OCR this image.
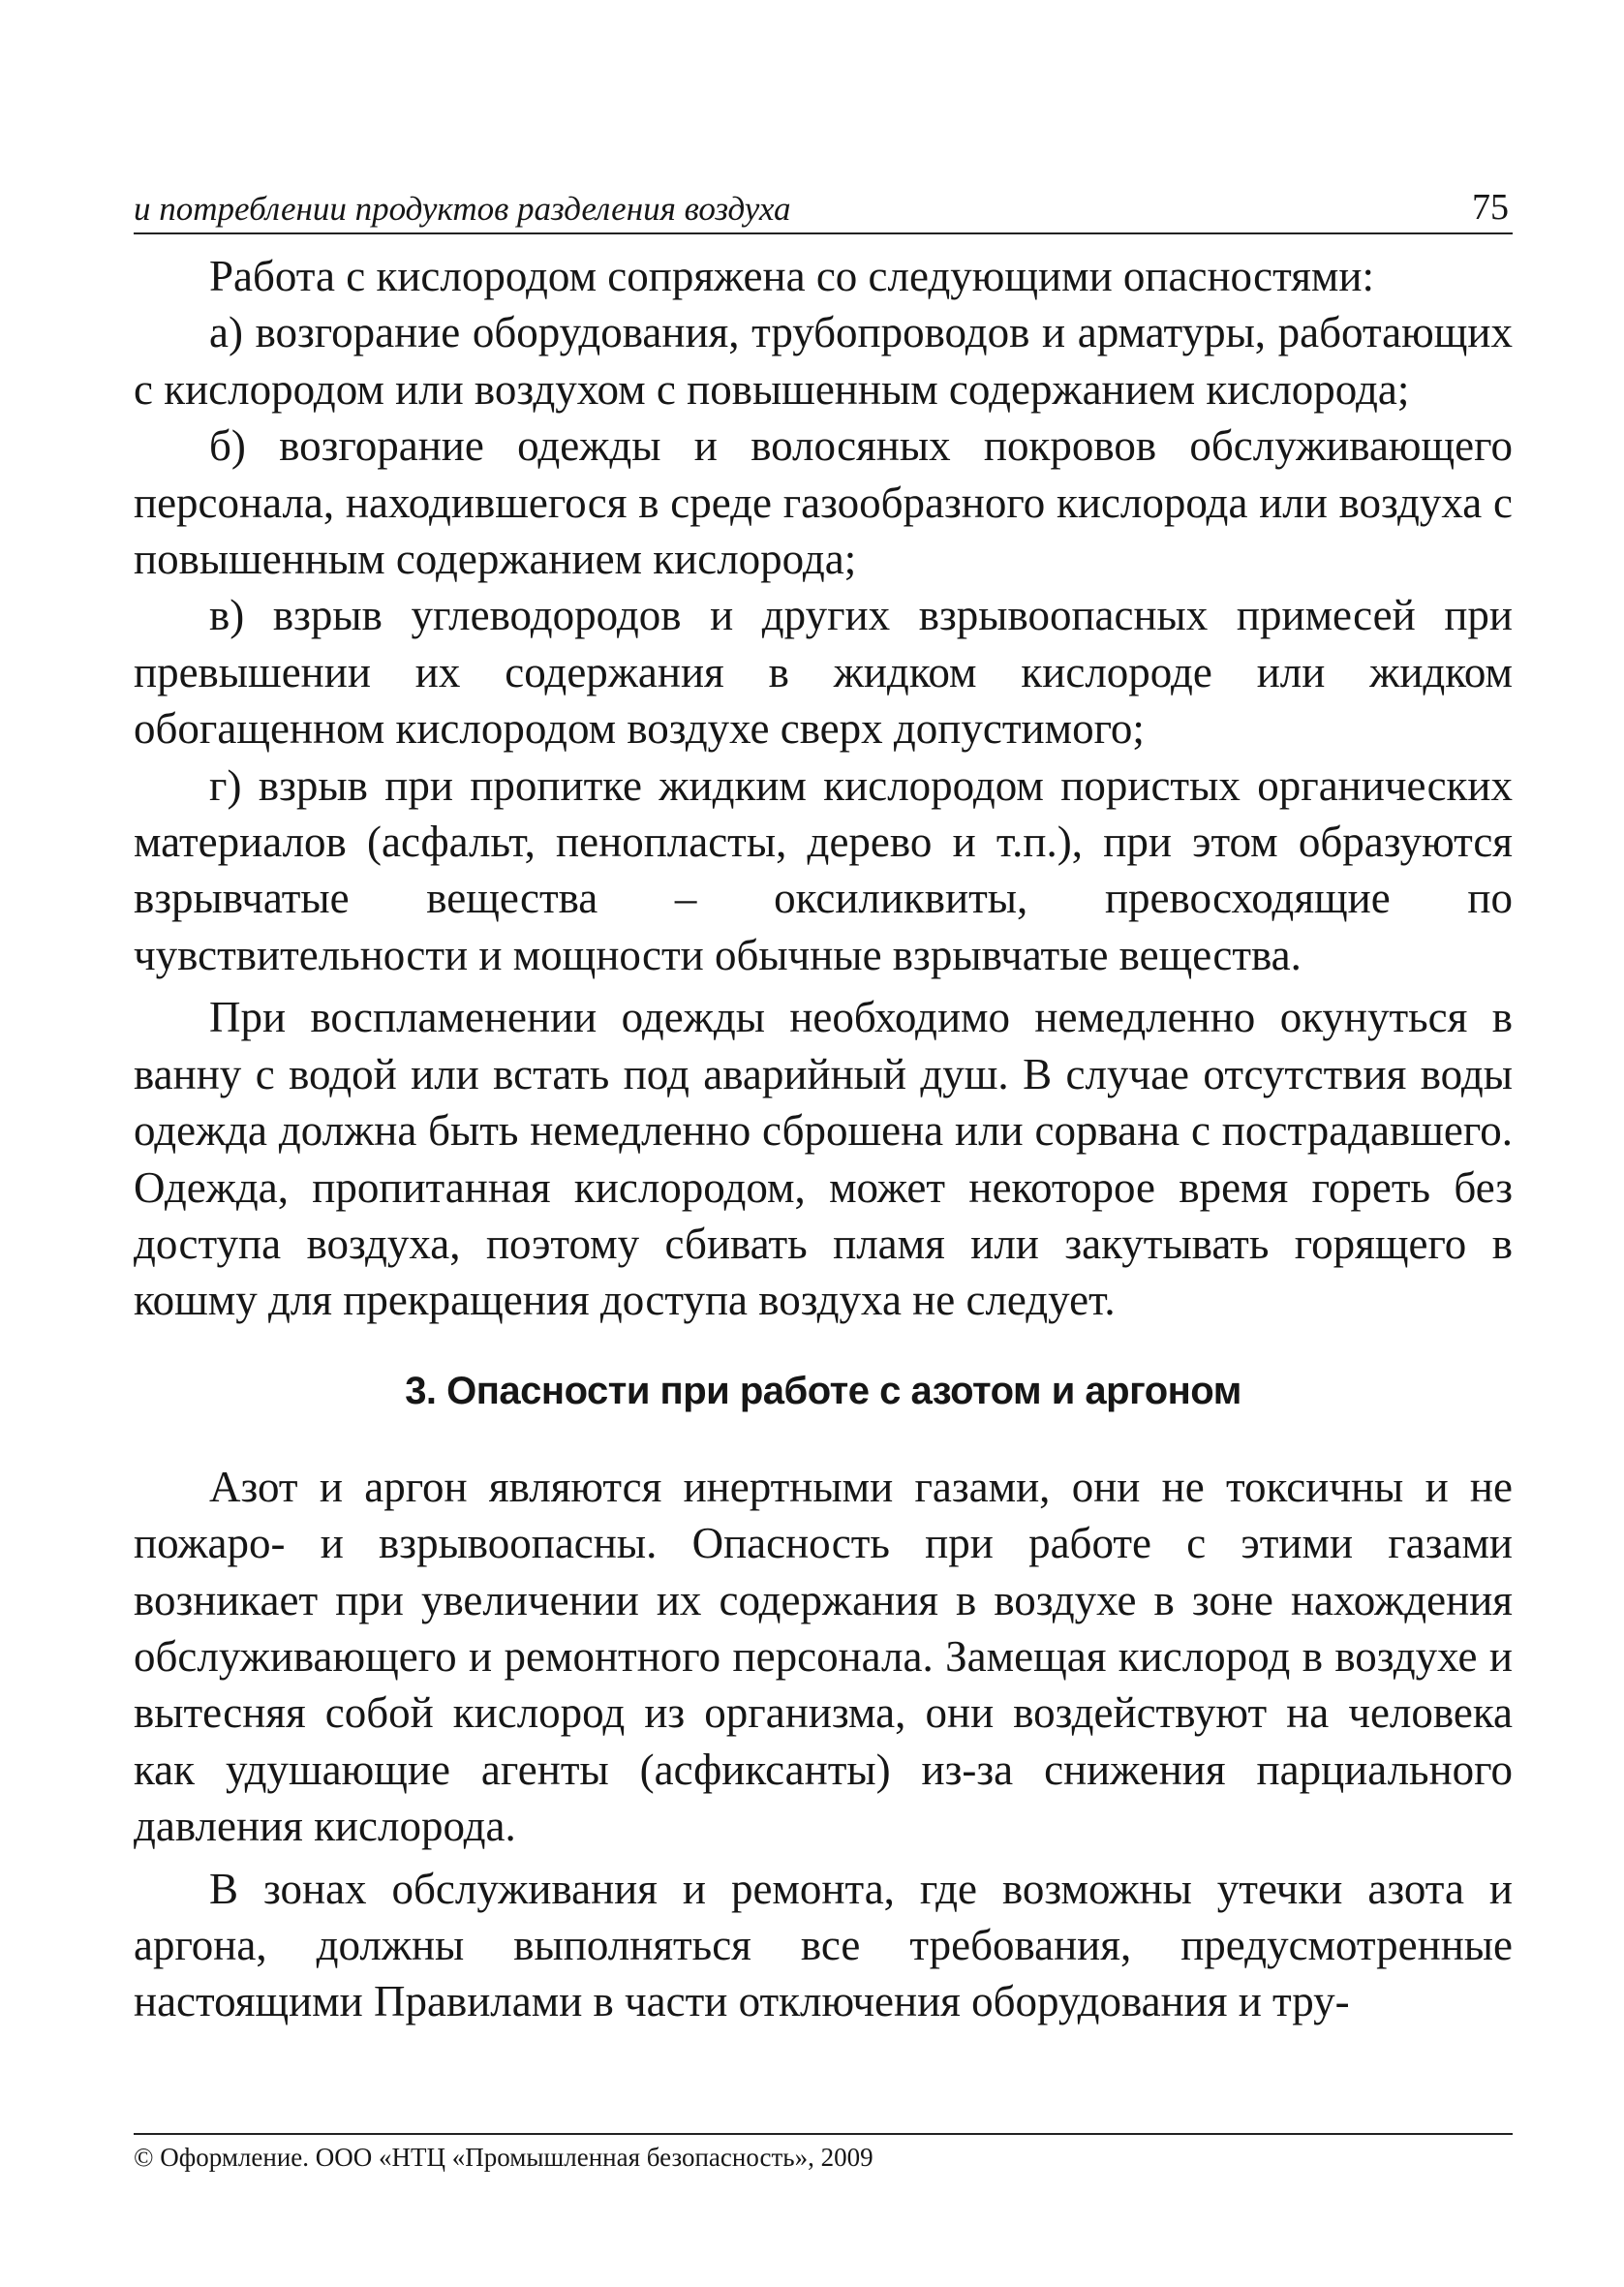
и потреблении продуктов разделения воздуха	75

Работа с кислородом сопряжена со следующими опасностями:

а) возгорание оборудования, трубопроводов и арматуры, работающих с кислородом или воздухом с повышенным содержанием кислорода;

б) возгорание одежды и волосяных покровов обслуживающего персонала, находившегося в среде газообразного кислорода или воздуха с повышенным содержанием кислорода;

в) взрыв углеводородов и других взрывоопасных примесей при превышении их содержания в жидком кислороде или жидком обогащенном кислородом воздухе сверх допустимого;

г) взрыв при пропитке жидким кислородом пористых органических материалов (асфальт, пенопласты, дерево и т.п.), при этом образуются взрывчатые вещества – оксиликвиты, превосходящие по чувствительности и мощности обычные взрывчатые вещества.

При воспламенении одежды необходимо немедленно окунуться в ванну с водой или встать под аварийный душ. В случае отсутствия воды одежда должна быть немедленно сброшена или сорвана с пострадавшего. Одежда, пропитанная кислородом, может некоторое время гореть без доступа воздуха, поэтому сбивать пламя или закутывать горящего в кошму для прекращения доступа воздуха не следует.

3. Опасности при работе с азотом и аргоном

Азот и аргон являются инертными газами, они не токсичны и не пожаро- и взрывоопасны. Опасность при работе с этими газами возникает при увеличении их содержания в воздухе в зоне нахождения обслуживающего и ремонтного персонала. Замещая кислород в воздухе и вытесняя собой кислород из организма, они воздействуют на человека как удушающие агенты (асфиксанты) из-за снижения парциального давления кислорода.

В зонах обслуживания и ремонта, где возможны утечки азота и аргона, должны выполняться все требования, предусмотренные настоящими Правилами в части отключения оборудования и тру-

© Оформление. ООО «НТЦ «Промышленная безопасность», 2009
